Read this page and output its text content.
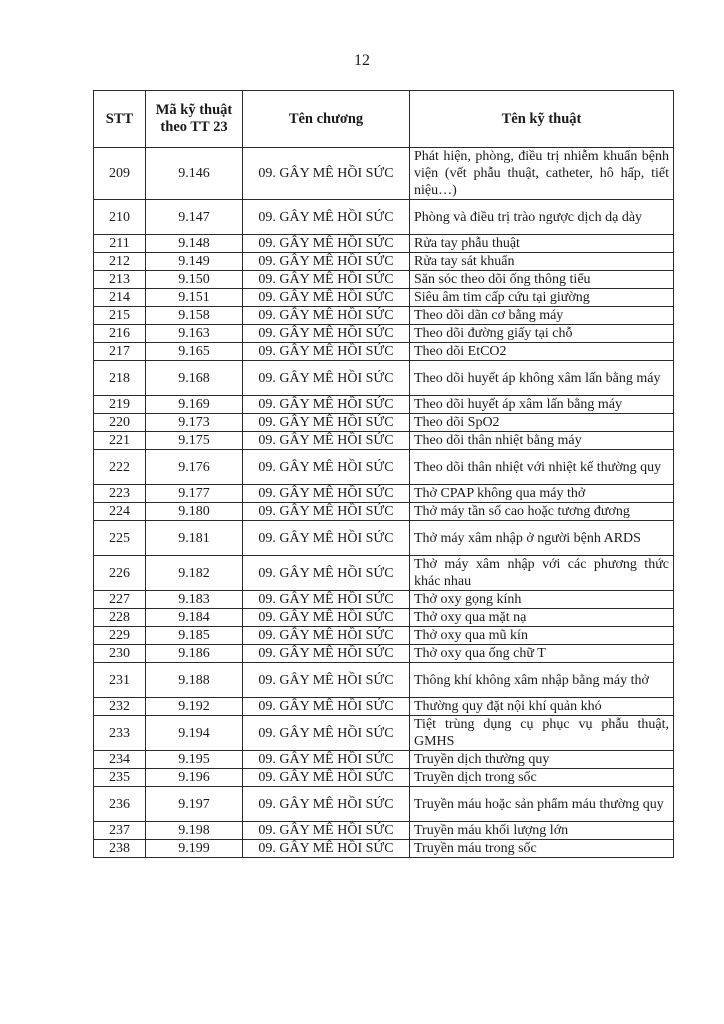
12
STT	Mã kỹ thuật theo TT 23	Tên chương	Tên kỹ thuật
209	9.146	09. GÂY MÊ HỒI SỨC	Phát hiện, phòng, điều trị nhiễm khuẩn bệnh viện (vết phẫu thuật, catheter, hô hấp, tiết niệu…)
210	9.147	09. GÂY MÊ HỒI SỨC	Phòng và điều trị trào ngược dịch dạ dày
211	9.148	09. GÂY MÊ HỒI SỨC	Rửa tay phẫu thuật
212	9.149	09. GÂY MÊ HỒI SỨC	Rửa tay sát khuẩn
213	9.150	09. GÂY MÊ HỒI SỨC	Săn sóc theo dõi ống thông tiểu
214	9.151	09. GÂY MÊ HỒI SỨC	Siêu âm tim cấp cứu tại giường
215	9.158	09. GÂY MÊ HỒI SỨC	Theo dõi dãn cơ bằng máy
216	9.163	09. GÂY MÊ HỒI SỨC	Theo dõi đường giấy tại chỗ
217	9.165	09. GÂY MÊ HỒI SỨC	Theo dõi EtCO2
218	9.168	09. GÂY MÊ HỒI SỨC	Theo dõi huyết áp không xâm lấn bằng máy
219	9.169	09. GÂY MÊ HỒI SỨC	Theo dõi huyết áp xâm lấn bằng máy
220	9.173	09. GÂY MÊ HỒI SỨC	Theo dõi SpO2
221	9.175	09. GÂY MÊ HỒI SỨC	Theo dõi thân nhiệt bằng máy
222	9.176	09. GÂY MÊ HỒI SỨC	Theo dõi thân nhiệt với nhiệt kế thường quy
223	9.177	09. GÂY MÊ HỒI SỨC	Thở CPAP không qua máy thở
224	9.180	09. GÂY MÊ HỒI SỨC	Thở máy tần số cao hoặc tương đương
225	9.181	09. GÂY MÊ HỒI SỨC	Thở máy xâm nhập ở người bệnh ARDS
226	9.182	09. GÂY MÊ HỒI SỨC	Thở máy xâm nhập với các phương thức khác nhau
227	9.183	09. GÂY MÊ HỒI SỨC	Thở oxy gọng kính
228	9.184	09. GÂY MÊ HỒI SỨC	Thở oxy qua mặt nạ
229	9.185	09. GÂY MÊ HỒI SỨC	Thở oxy qua mũ kín
230	9.186	09. GÂY MÊ HỒI SỨC	Thở oxy qua ống chữ T
231	9.188	09. GÂY MÊ HỒI SỨC	Thông khí không xâm nhập bằng máy thở
232	9.192	09. GÂY MÊ HỒI SỨC	Thường quy đặt nội khí quản khó
233	9.194	09. GÂY MÊ HỒI SỨC	Tiệt trùng dụng cụ phục vụ phẫu thuật, GMHS
234	9.195	09. GÂY MÊ HỒI SỨC	Truyền dịch thường quy
235	9.196	09. GÂY MÊ HỒI SỨC	Truyền dịch trong sốc
236	9.197	09. GÂY MÊ HỒI SỨC	Truyền máu hoặc sản phẩm máu thường quy
237	9.198	09. GÂY MÊ HỒI SỨC	Truyền máu khối lượng lớn
238	9.199	09. GÂY MÊ HỒI SỨC	Truyền máu trong sốc
